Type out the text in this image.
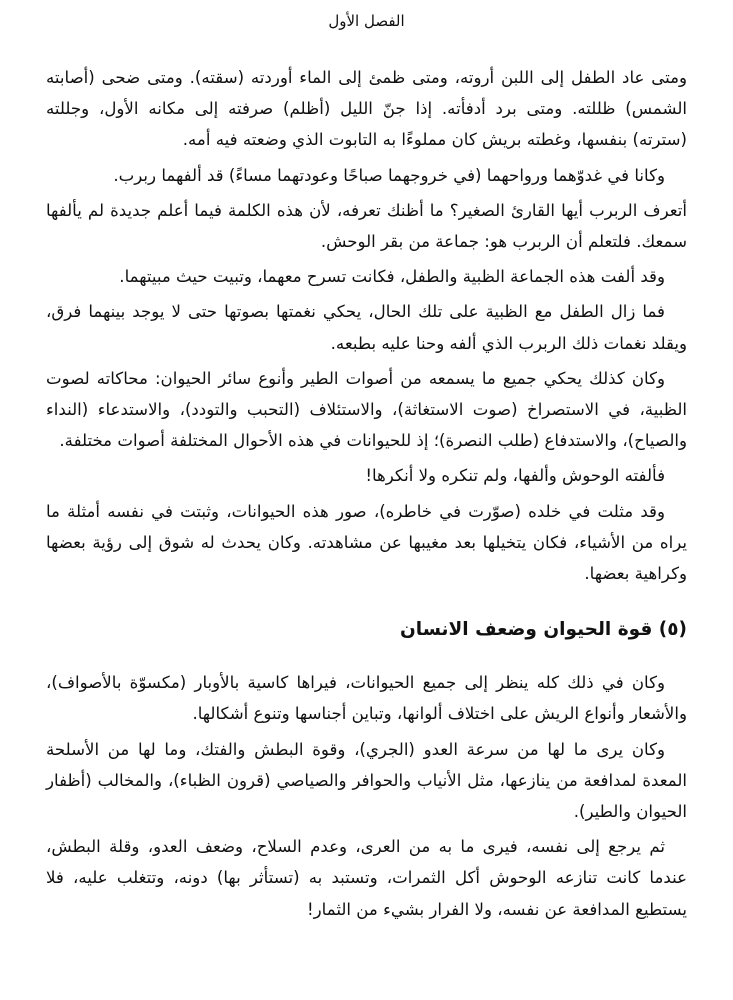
الفصل الأول

ومتى عاد الطفل إلى اللبن أروته، ومتى ظمئ إلى الماء أوردته (سقته). ومتى ضحى (أصابته الشمس) ظللته. ومتى برد أدفأته. إذا جنّ الليل (أظلم) صرفته إلى مكانه الأول، وجللته (سترته) بنفسها، وغطته بريش كان مملوءًا به التابوت الذي وضعته فيه أمه.

وكانا في غدوّهما ورواحهما (في خروجهما صباحًا وعودتهما مساءً) قد ألفهما ربرب.

أتعرف الربرب أيها القارئ الصغير؟ ما أظنك تعرفه، لأن هذه الكلمة فيما أعلم جديدة لم يألفها سمعك. فلتعلم أن الربرب هو: جماعة من بقر الوحش.

وقد ألفت هذه الجماعة الظبية والطفل، فكانت تسرح معهما، وتبيت حيث مبيتهما.

فما زال الطفل مع الظبية على تلك الحال، يحكي نغمتها بصوتها حتى لا يوجد بينهما فرق، ويقلد نغمات ذلك الربرب الذي ألفه وحنا عليه بطبعه.

وكان كذلك يحكي جميع ما يسمعه من أصوات الطير وأنوع سائر الحيوان: محاكاته لصوت الظبية، في الاستصراخ (صوت الاستغاثة)، والاستئلاف (التحبب والتودد)، والاستدعاء (النداء والصياح)، والاستدفاع (طلب النصرة)؛ إذ للحيوانات في هذه الأحوال المختلفة أصوات مختلفة.

فألفته الوحوش وألفها، ولم تنكره ولا أنكرها!

وقد مثلت في خلده (صوّرت في خاطره)، صور هذه الحيوانات، وثبتت في نفسه أمثلة ما يراه من الأشياء، فكان يتخيلها بعد مغيبها عن مشاهدته. وكان يحدث له شوق إلى رؤية بعضها وكراهية بعضها.

(٥) قوة الحيوان وضعف الانسان

وكان في ذلك كله ينظر إلى جميع الحيوانات، فيراها كاسية بالأوبار (مكسوّة بالأصواف)، والأشعار وأنواع الريش على اختلاف ألوانها، وتباين أجناسها وتنوع أشكالها.

وكان يرى ما لها من سرعة العدو (الجري)، وقوة البطش والفتك، وما لها من الأسلحة المعدة لمدافعة من ينازعها، مثل الأنياب والحوافر والصياصي (قرون الظباء)، والمخالب (أظفار الحيوان والطير).

ثم يرجع إلى نفسه، فيرى ما به من العرى، وعدم السلاح، وضعف العدو، وقلة البطش، عندما كانت تنازعه الوحوش أكل الثمرات، وتستبد به (تستأثر بها) دونه، وتتغلب عليه، فلا يستطيع المدافعة عن نفسه، ولا الفرار بشيء من الثمار!
